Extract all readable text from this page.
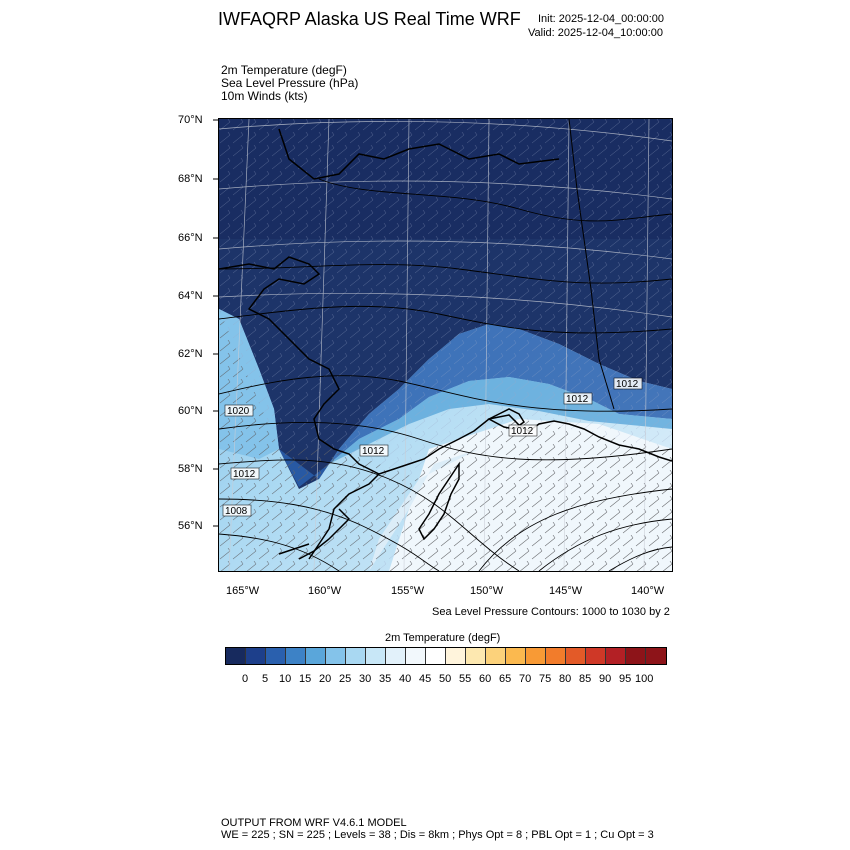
IWFAQRP Alaska US Real Time WRF Init: 2025-12-04_00:00:00
Valid: 2025-12-04_10:00:00
2m Temperature (degF)
Sea Level Pressure (hPa)
10m Winds (kts)
70°N
68°N
66°N
64°N
62°N
60°N
58°N
56°N
165°W	160°W	155°W	150°W	145°W	140°W
1020
1012
1008
1012
1012
1012
1012
Sea Level Pressure Contours: 1000 to 1030 by 2
2m Temperature (degF)
0 5 10 15 20 25 30 35 40 45 50 55 60 65 70 75 80 85 90 95 100
OUTPUT FROM WRF V4.6.1 MODEL
WE = 225 ; SN = 225 ; Levels = 38 ; Dis = 8km ; Phys Opt = 8 ; PBL Opt = 1 ; Cu Opt = 3
